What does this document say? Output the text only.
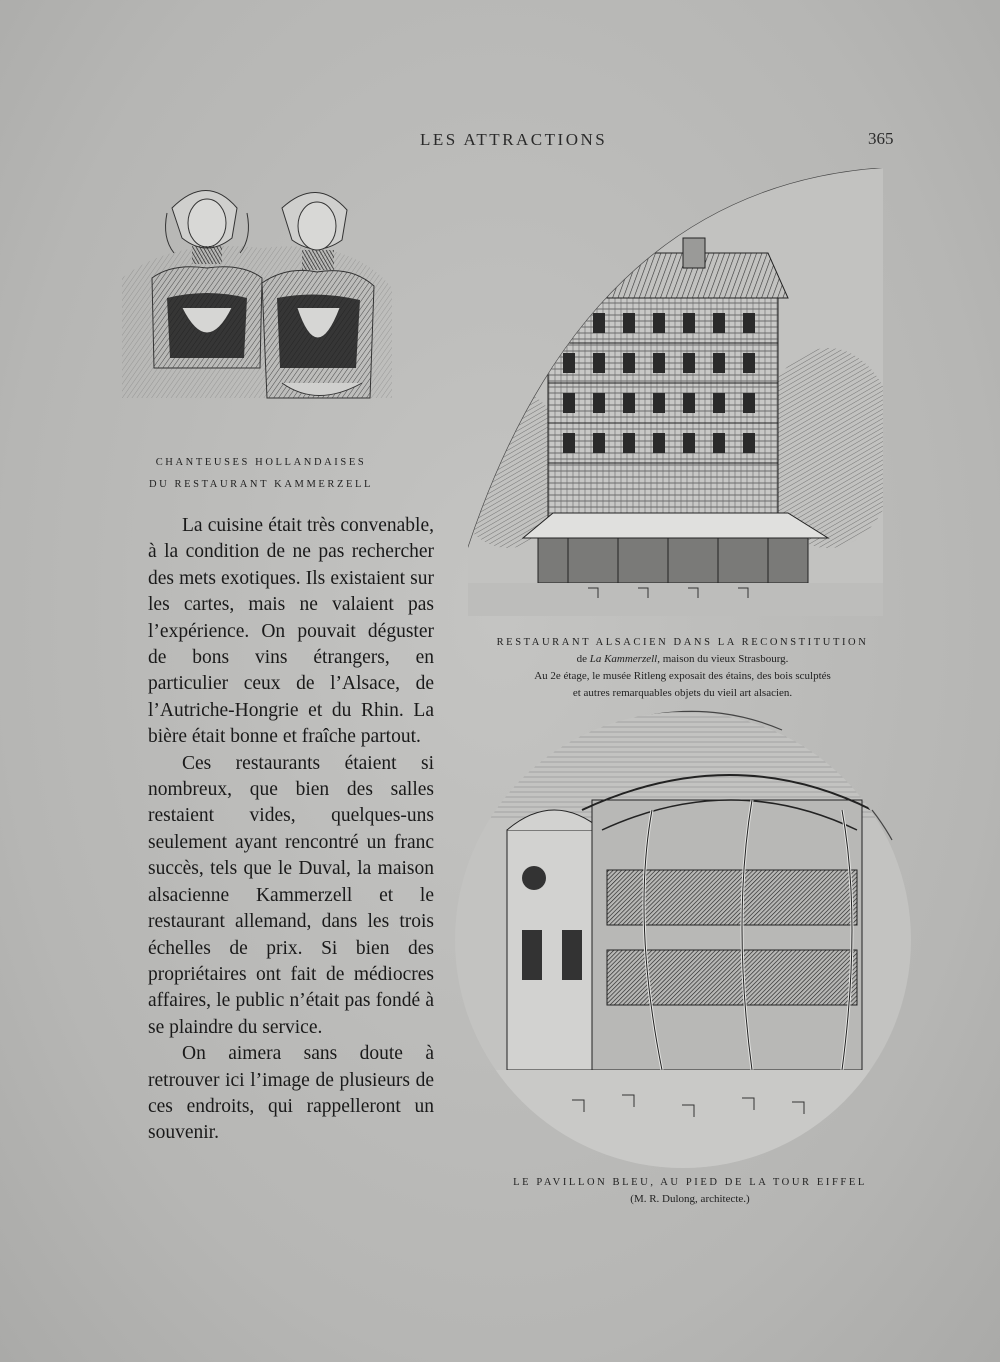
LES ATTRACTIONS	365
CHANTEUSES HOLLANDAISES
DU RESTAURANT KAMMERZELL
RESTAURANT ALSACIEN DANS LA RECONSTITUTION
de La Kammerzell, maison du vieux Strasbourg.
Au 2e étage, le musée Ritleng exposait des étains, des bois sculptés
et autres remarquables objets du vieil art alsacien.
LE PAVILLON BLEU, AU PIED DE LA TOUR EIFFEL
(M. R. Dulong, architecte.)

La cuisine était très convenable, à la condition de ne pas rechercher des mets exotiques. Ils existaient sur les cartes, mais ne valaient pas l’expérience. On pouvait déguster de bons vins étrangers, en particulier ceux de l’Alsace, de l’Autriche-Hongrie et du Rhin. La bière était bonne et fraîche partout.

Ces restaurants étaient si nombreux, que bien des salles restaient vides, quelques-uns seulement ayant rencontré un franc succès, tels que le Duval, la maison alsacienne Kammerzell et le restaurant allemand, dans les trois échelles de prix. Si bien des propriétaires ont fait de médiocres affaires, le public n’était pas fondé à se plaindre du service.

On aimera sans doute à retrouver ici l’image de plusieurs de ces endroits, qui rappelleront un souvenir.
